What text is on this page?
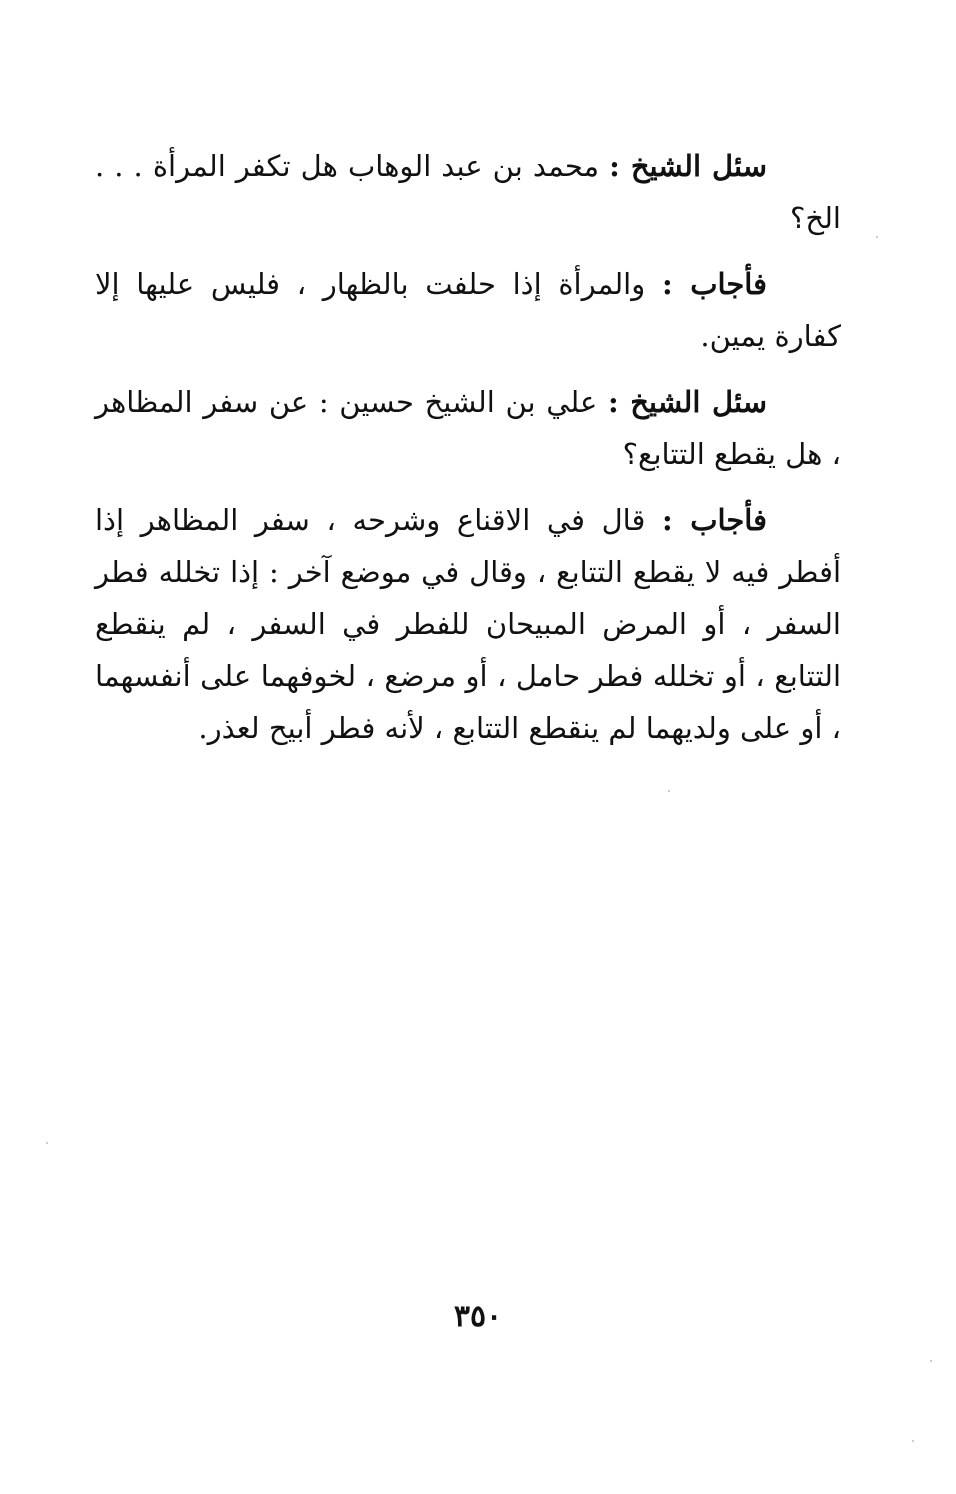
سئل الشيخ : محمد بن عبد الوهاب هل تكفر المرأة . . . الخ؟

فأجاب : والمرأة إذا حلفت بالظهار ، فليس عليها إلا كفارة يمين.

سئل الشيخ : علي بن الشيخ حسين : عن سفر المظاهر ، هل يقطع التتابع؟

فأجاب : قال في الاقناع وشرحه ، سفر المظاهر إذا أفطر فيه لا يقطع التتابع ، وقال في موضع آخر : إذا تخلله فطر السفر ، أو المرض المبيحان للفطر في السفر ، لم ينقطع التتابع ، أو تخلله فطر حامل ، أو مرضع ، لخوفهما على أنفسهما ، أو على ولديهما لم ينقطع التتابع ، لأنه فطر أبيح لعذر.

٣٥٠
